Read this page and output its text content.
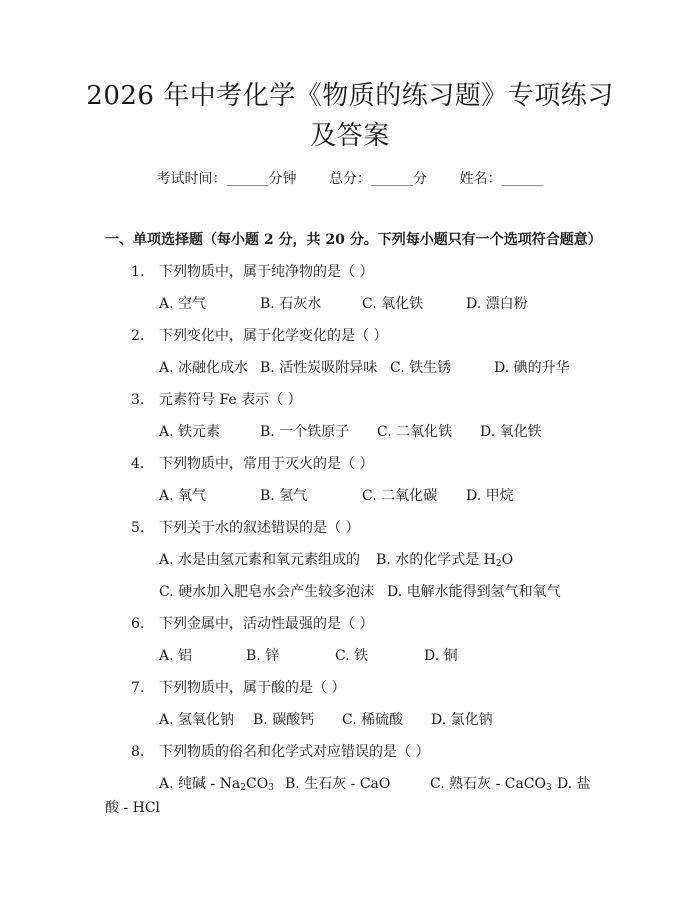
2026 年中考化学《物质的练习题》专项练习
及答案
考试时间：______分钟 总分：______分 姓名：______
一、单项选择题（每小题 2 分，共 20 分。下列每小题只有一个选项符合题意）
1. 下列物质中，属于纯净物的是（ ）
A. 空气	B. 石灰水	C. 氧化铁	D. 漂白粉
2. 下列变化中，属于化学变化的是（ ）
A. 冰融化成水 B. 活性炭吸附异味 C. 铁生锈	D. 碘的升华
3. 元素符号 Fe 表示（ ）
A. 铁元素	B. 一个铁原子 C. 二氧化铁 D. 氧化铁
4. 下列物质中，常用于灭火的是（ ）
A. 氧气	B. 氢气	C. 二氧化碳 D. 甲烷
5. 下列关于水的叙述错误的是（ ）
A. 水是由氢元素和氧元素组成的 B. 水的化学式是 $H_2O$
C. 硬水加入肥皂水会产生较多泡沫 D. 电解水能得到氢气和氧气
6. 下列金属中，活动性最强的是（ ）
A. 铝	B. 锌	C. 铁	D. 铜
7. 下列物质中，属于酸的是（ ）
A. 氢氧化钠 B. 碳酸钙 C. 稀硫酸 D. 氯化钠
8. 下列物质的俗名和化学式对应错误的是（ ）
A. 纯碱 - $Na_2CO_3$ B. 生石灰 - CaO	C. 熟石灰 - CaCO$_3$ D. 盐
酸 - HCl
